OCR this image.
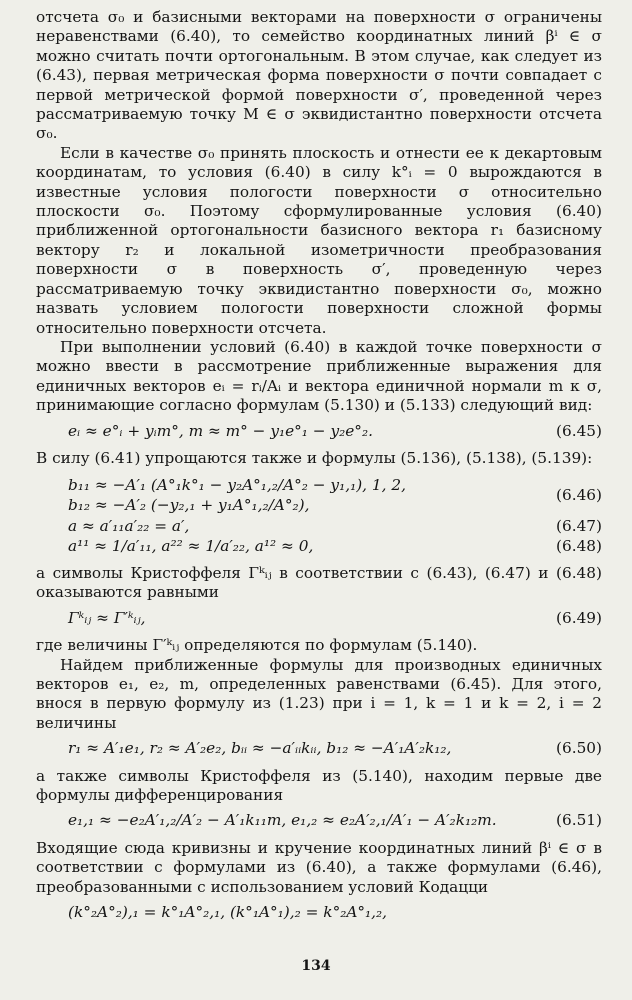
отсчета σ₀ и базисными векторами на поверхности σ ограничены неравенствами (6.40), то семейство координатных линий βⁱ ∈ σ можно считать почти ортогональным. В этом случае, как следует из (6.43), первая метрическая форма поверхности σ почти совпадает с первой метрической формой поверхности σ′, проведенной через рассматриваемую точку M ∈ σ эквидистантно поверхности отсчета σ₀.

Если в качестве σ₀ принять плоскость и отнести ее к декартовым координатам, то условия (6.40) в силу k°ᵢ = 0 вырождаются в известные условия пологости поверхности σ относительно плоскости σ₀. Поэтому сформулированные условия (6.40) приближенной ортогональности базисного вектора r₁ базисному вектору r₂ и локальной изометричности преобразования поверхности σ в поверхность σ′, проведенную через рассматриваемую точку эквидистантно поверхности σ₀, можно назвать условием пологости поверхности сложной формы относительно поверхности отсчета.

При выполнении условий (6.40) в каждой точке поверхности σ можно ввести в рассмотрение приближенные выражения для единичных векторов eᵢ = rᵢ/Aᵢ и вектора единичной нормали m к σ, принимающие согласно формулам (5.130) и (5.133) следующий вид:

eᵢ ≈ e°ᵢ + yᵢm°, m ≈ m° − y₁e°₁ − y₂e°₂.	(6.45)

В силу (6.41) упрощаются также и формулы (5.136), (5.138), (5.139):

b₁₁ ≈ −A′₁ (A°₁k°₁ − y₂A°₁,₂/A°₂ − y₁,₁), 1, 2,
b₁₂ ≈ −A′₂ (−y₂,₁ + y₁A°₁,₂/A°₂),
(6.46)
a ≈ a′₁₁a′₂₂ = a′,	(6.47)
a¹¹ ≈ 1/a′₁₁, a²² ≈ 1/a′₂₂, a¹² ≈ 0,	(6.48)

а символы Кристоффеля Γᵏᵢⱼ в соответствии с (6.43), (6.47) и (6.48) оказываются равными

Γᵏᵢⱼ ≈ Γ′ᵏᵢⱼ,	(6.49)

где величины Γ′ᵏᵢⱼ определяются по формулам (5.140).

Найдем приближенные формулы для производных единичных векторов e₁, e₂, m, определенных равенствами (6.45). Для этого, внося в первую формулу из (1.23) при i = 1, k = 1 и k = 2, i = 2 величины

r₁ ≈ A′₁e₁, r₂ ≈ A′₂e₂, bᵢᵢ ≈ −a′ᵢᵢkᵢᵢ, b₁₂ ≈ −A′₁A′₂k₁₂,	(6.50)

а также символы Кристоффеля из (5.140), находим первые две формулы дифференцирования

e₁,₁ ≈ −e₂A′₁,₂/A′₂ − A′₁k₁₁m, e₁,₂ ≈ e₂A′₂,₁/A′₁ − A′₂k₁₂m.	(6.51)

Входящие сюда кривизны и кручение координатных линий βⁱ ∈ σ в соответствии с формулами из (6.40), а также формулами (6.46), преобразованными с использованием условий Кодацци

(k°₂A°₂),₁ = k°₁A°₂,₁, (k°₁A°₁),₂ = k°₂A°₁,₂,
134
